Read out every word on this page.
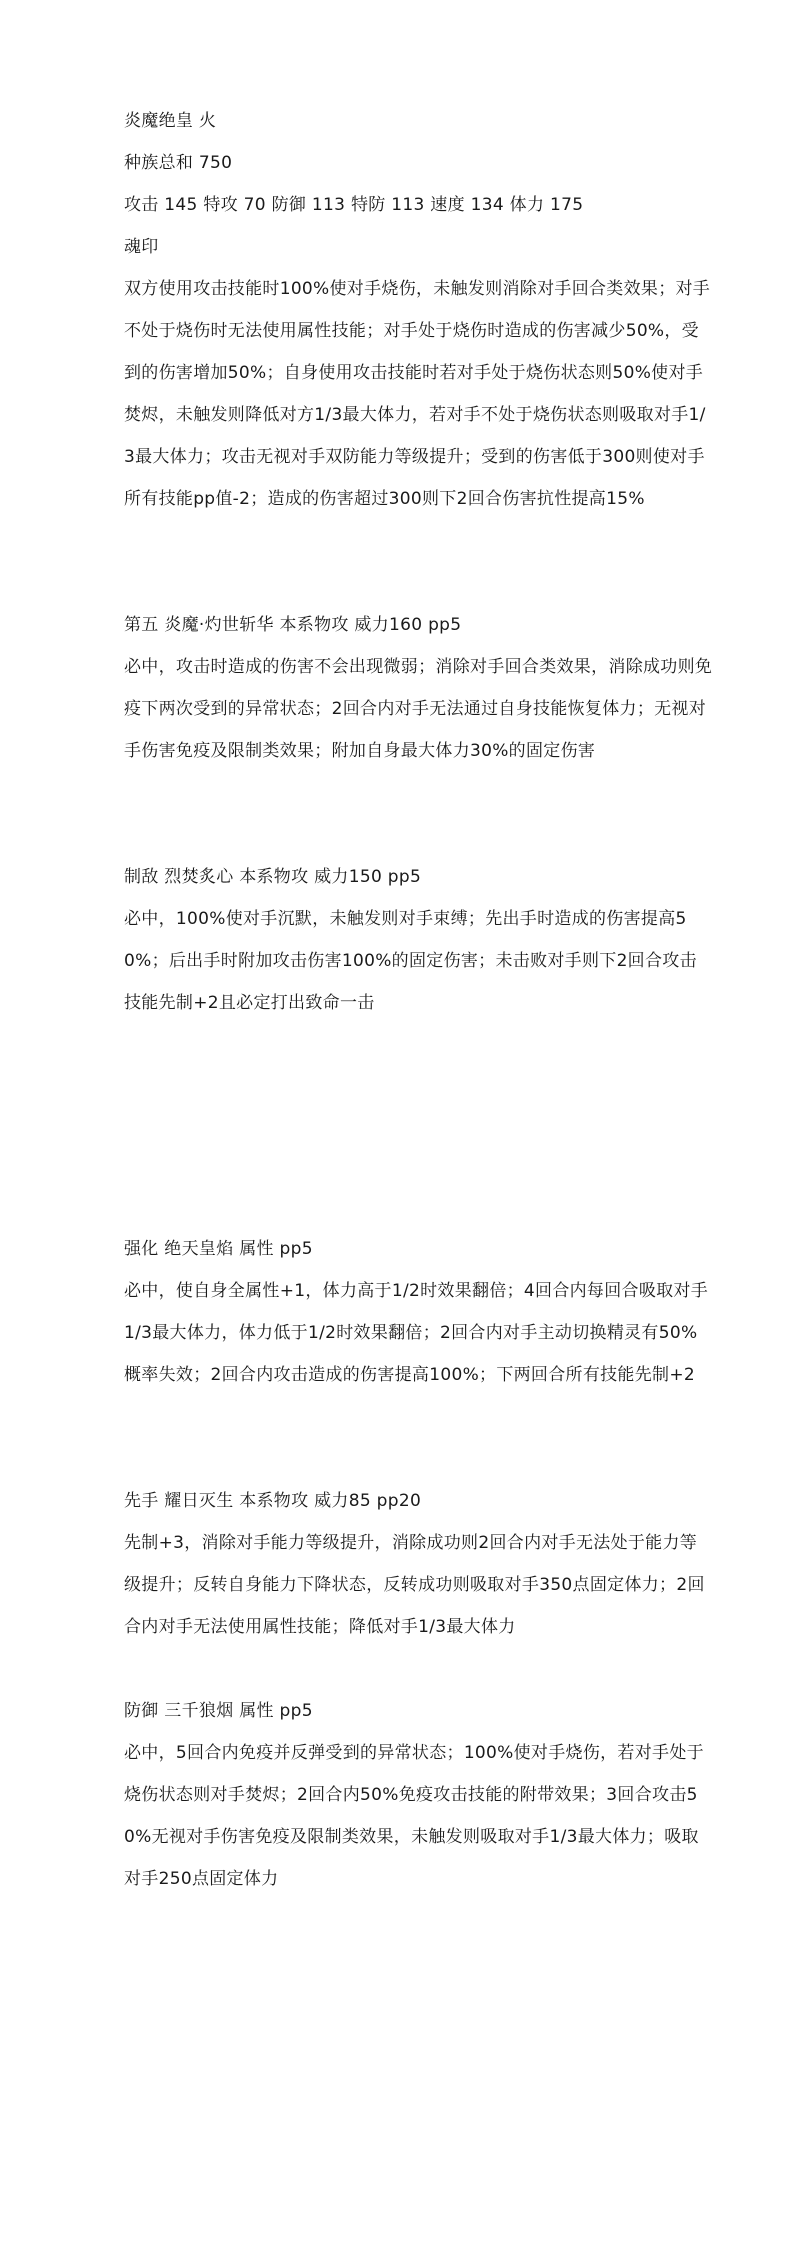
炎魔绝皇 火
种族总和 750
攻击 145 特攻 70 防御 113 特防 113 速度 134 体力 175
魂印
双方使用攻击技能时100%使对手烧伤，未触发则消除对手回合类效果；对手不处于烧伤时无法使用属性技能；对手处于烧伤时造成的伤害减少50%，受到的伤害增加50%；自身使用攻击技能时若对手处于烧伤状态则50%使对手焚烬，未触发则降低对方1/3最大体力，若对手不处于烧伤状态则吸取对手1/3最大体力；攻击无视对手双防能力等级提升；受到的伤害低于300则使对手所有技能pp值-2；造成的伤害超过300则下2回合伤害抗性提高15%
第五 炎魔·灼世斩华 本系物攻 威力160 pp5
必中，攻击时造成的伤害不会出现微弱；消除对手回合类效果，消除成功则免疫下两次受到的异常状态；2回合内对手无法通过自身技能恢复体力；无视对手伤害免疫及限制类效果；附加自身最大体力30%的固定伤害
制敌 烈焚炙心 本系物攻 威力150 pp5
必中，100%使对手沉默，未触发则对手束缚；先出手时造成的伤害提高50%；后出手时附加攻击伤害100%的固定伤害；未击败对手则下2回合攻击技能先制+2且必定打出致命一击
强化 绝天皇焰 属性 pp5
必中，使自身全属性+1，体力高于1/2时效果翻倍；4回合内每回合吸取对手1/3最大体力，体力低于1/2时效果翻倍；2回合内对手主动切换精灵有50%概率失效；2回合内攻击造成的伤害提高100%；下两回合所有技能先制+2
先手 耀日灭生 本系物攻 威力85 pp20
先制+3，消除对手能力等级提升，消除成功则2回合内对手无法处于能力等级提升；反转自身能力下降状态，反转成功则吸取对手350点固定体力；2回合内对手无法使用属性技能；降低对手1/3最大体力
防御 三千狼烟 属性 pp5
必中，5回合内免疫并反弹受到的异常状态；100%使对手烧伤，若对手处于烧伤状态则对手焚烬；2回合内50%免疫攻击技能的附带效果；3回合攻击50%无视对手伤害免疫及限制类效果，未触发则吸取对手1/3最大体力；吸取对手250点固定体力
